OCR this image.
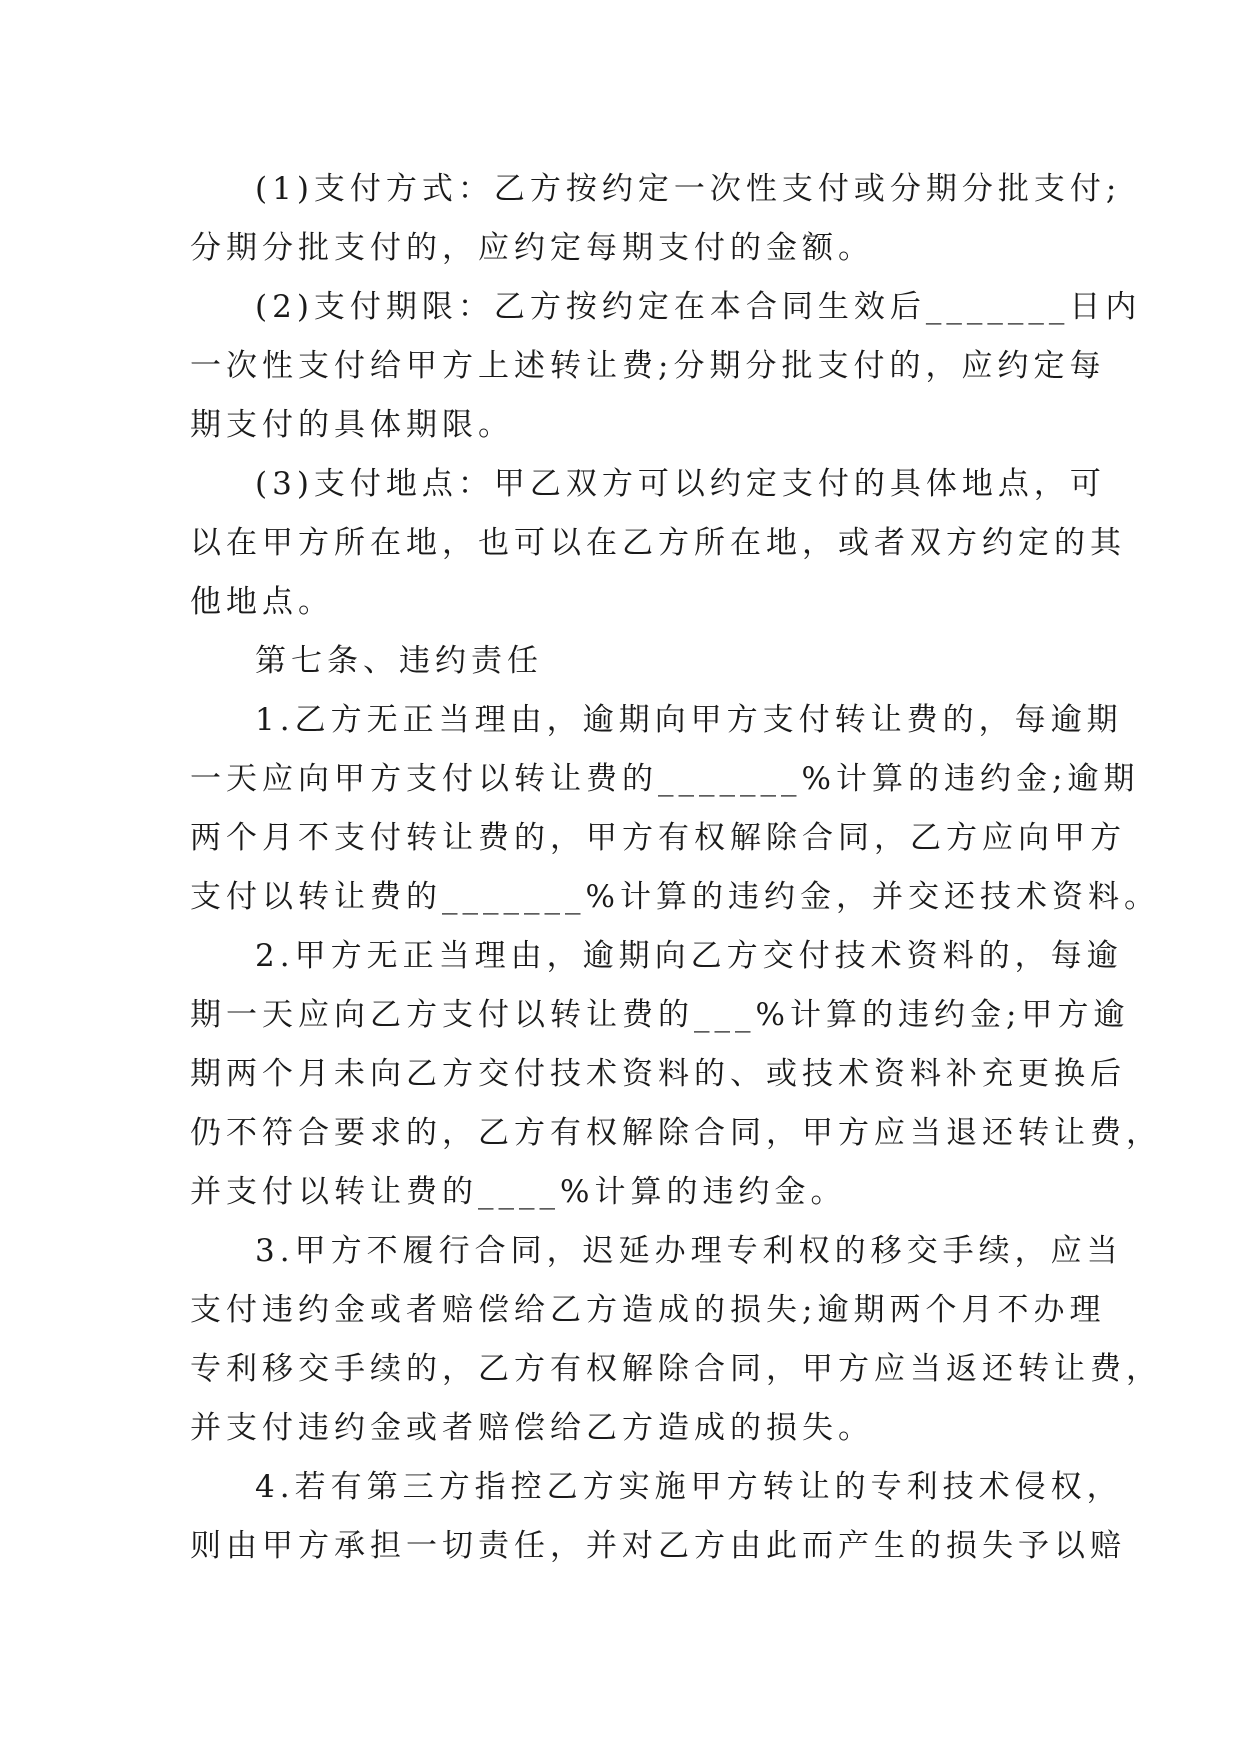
(1)支付方式：乙方按约定一次性支付或分期分批支付;
分期分批支付的，应约定每期支付的金额。
(2)支付期限：乙方按约定在本合同生效后_______日内
一次性支付给甲方上述转让费;分期分批支付的，应约定每
期支付的具体期限。
(3)支付地点：甲乙双方可以约定支付的具体地点，可
以在甲方所在地，也可以在乙方所在地，或者双方约定的其
他地点。
第七条、违约责任
1.乙方无正当理由，逾期向甲方支付转让费的，每逾期
一天应向甲方支付以转让费的_______%计算的违约金;逾期
两个月不支付转让费的，甲方有权解除合同，乙方应向甲方
支付以转让费的_______%计算的违约金，并交还技术资料。
2.甲方无正当理由，逾期向乙方交付技术资料的，每逾
期一天应向乙方支付以转让费的___%计算的违约金;甲方逾
期两个月未向乙方交付技术资料的、或技术资料补充更换后
仍不符合要求的，乙方有权解除合同，甲方应当退还转让费，
并支付以转让费的____%计算的违约金。
3.甲方不履行合同，迟延办理专利权的移交手续，应当
支付违约金或者赔偿给乙方造成的损失;逾期两个月不办理
专利移交手续的，乙方有权解除合同，甲方应当返还转让费，
并支付违约金或者赔偿给乙方造成的损失。
4.若有第三方指控乙方实施甲方转让的专利技术侵权，
则由甲方承担一切责任，并对乙方由此而产生的损失予以赔
